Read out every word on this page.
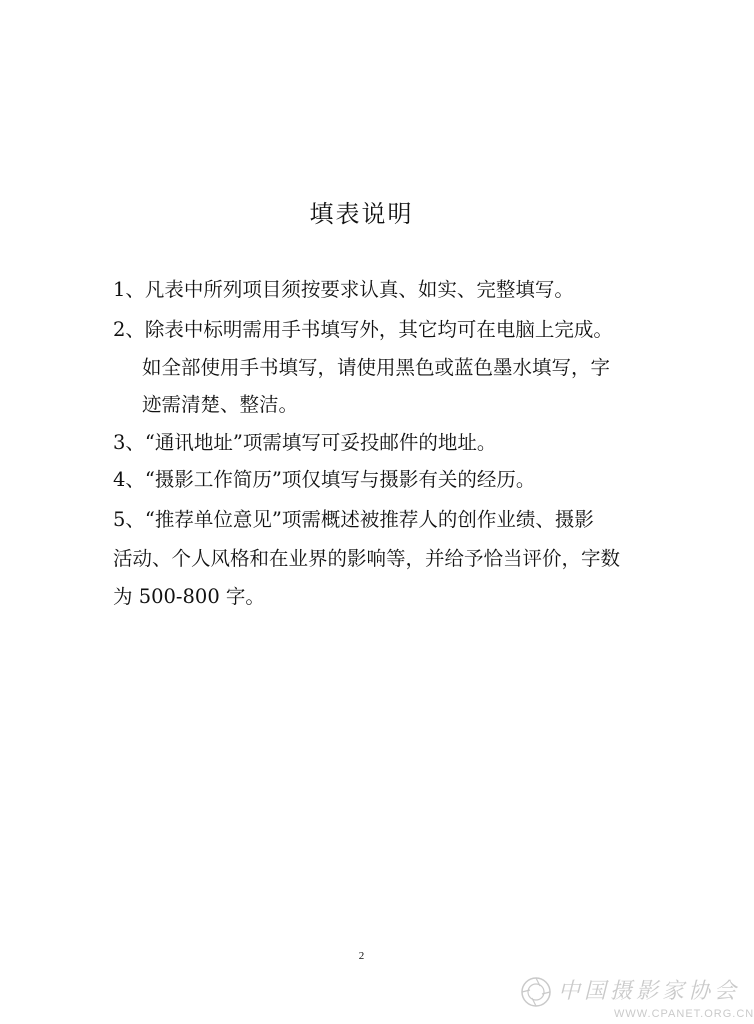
填表说明
1、凡表中所列项目须按要求认真、如实、完整填写。
2、除表中标明需用手书填写外，其它均可在电脑上完成。
如全部使用手书填写，请使用黑色或蓝色墨水填写，字
迹需清楚、整洁。
3、“通讯地址”项需填写可妥投邮件的地址。
4、“摄影工作简历”项仅填写与摄影有关的经历。
5、“推荐单位意见”项需概述被推荐人的创作业绩、摄影
活动、个人风格和在业界的影响等，并给予恰当评价，字数
为 500-800 字。
2
中国摄影家协会
WWW.CPANET.ORG.CN
